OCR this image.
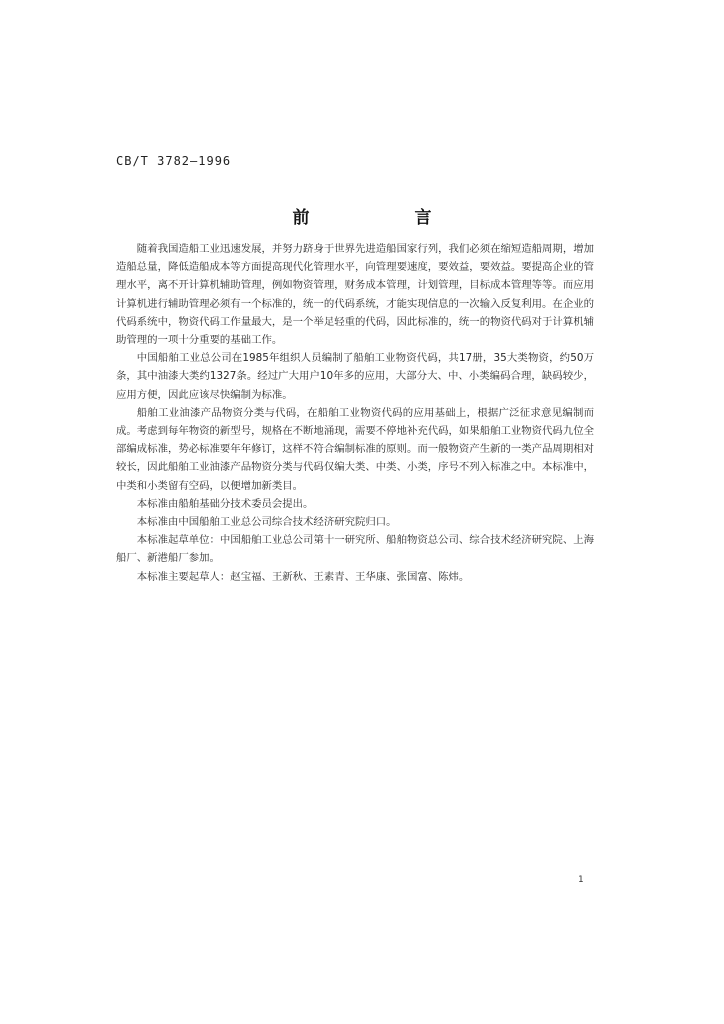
CB/T 3782—1996
前　言

随着我国造船工业迅速发展，并努力跻身于世界先进造船国家行列，我们必须在缩短造船周期，增加造船总量，降低造船成本等方面提高现代化管理水平，向管理要速度，要效益，要效益。要提高企业的管理水平，离不开计算机辅助管理，例如物资管理，财务成本管理，计划管理，目标成本管理等等。而应用计算机进行辅助管理必须有一个标准的，统一的代码系统，才能实现信息的一次输入反复利用。在企业的代码系统中，物资代码工作量最大，是一个举足轻重的代码，因此标准的，统一的物资代码对于计算机辅助管理的一项十分重要的基础工作。

中国船舶工业总公司在1985年组织人员编制了船舶工业物资代码，共17册，35大类物资，约50万条，其中油漆大类约1327条。经过广大用户10年多的应用，大部分大、中、小类编码合理，缺码较少，应用方便，因此应该尽快编制为标准。

船舶工业油漆产品物资分类与代码，在船舶工业物资代码的应用基础上，根据广泛征求意见编制而成。考虑到每年物资的新型号，规格在不断地涌现，需要不停地补充代码，如果船舶工业物资代码九位全部编成标准，势必标准要年年修订，这样不符合编制标准的原则。而一般物资产生新的一类产品周期相对较长，因此船舶工业油漆产品物资分类与代码仅编大类、中类、小类，序号不列入标准之中。本标准中，中类和小类留有空码，以便增加新类目。

本标准由船舶基础分技术委员会提出。

本标准由中国船舶工业总公司综合技术经济研究院归口。

本标准起草单位：中国船舶工业总公司第十一研究所、船舶物资总公司、综合技术经济研究院、上海船厂、新港船厂参加。

本标准主要起草人：赵宝福、王新秋、王素青、王华康、张国富、陈炜。

1
